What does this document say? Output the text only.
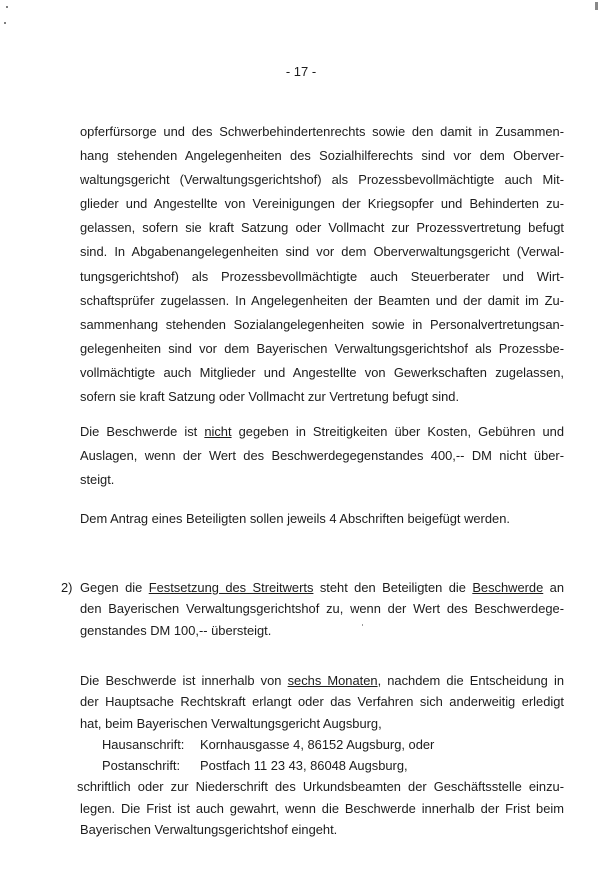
- 17 -
opferfürsorge und des Schwerbehindertenrechts sowie den damit in Zusammen-
hang stehenden Angelegenheiten des Sozialhilferechts sind vor dem Oberver-
waltungsgericht (Verwaltungsgerichtshof) als Prozessbevollmächtigte auch Mit-
glieder und Angestellte von Vereinigungen der Kriegsopfer und Behinderten zu-
gelassen, sofern sie kraft Satzung oder Vollmacht zur Prozessvertretung befugt
sind. In Abgabenangelegenheiten sind vor dem Oberverwaltungsgericht (Verwal-
tungsgerichtshof) als Prozessbevollmächtigte auch Steuerberater und Wirt-
schaftsprüfer zugelassen. In Angelegenheiten der Beamten und der damit im Zu-
sammenhang stehenden Sozialangelegenheiten sowie in Personalvertretungsan-
gelegenheiten sind vor dem Bayerischen Verwaltungsgerichtshof als Prozessbe-
vollmächtigte auch Mitglieder und Angestellte von Gewerkschaften zugelassen,
sofern sie kraft Satzung oder Vollmacht zur Vertretung befugt sind.
Die Beschwerde ist nicht gegeben in Streitigkeiten über Kosten, Gebühren und
Auslagen, wenn der Wert des Beschwerdegegenstandes 400,-- DM nicht über-
steigt.
Dem Antrag eines Beteiligten sollen jeweils 4 Abschriften beigefügt werden.
2) Gegen die Festsetzung des Streitwerts steht den Beteiligten die Beschwerde an
den Bayerischen Verwaltungsgerichtshof zu, wenn der Wert des Beschwerdege-
genstandes DM 100,-- übersteigt.
Die Beschwerde ist innerhalb von sechs Monaten, nachdem die Entscheidung in
der Hauptsache Rechtskraft erlangt oder das Verfahren sich anderweitig erledigt
hat, beim Bayerischen Verwaltungsgericht Augsburg,
Hausanschrift: Kornhausgasse 4, 86152 Augsburg, oder
Postanschrift: Postfach 11 23 43, 86048 Augsburg,
schriftlich oder zur Niederschrift des Urkundsbeamten der Geschäftsstelle einzu-
legen. Die Frist ist auch gewahrt, wenn die Beschwerde innerhalb der Frist beim
Bayerischen Verwaltungsgerichtshof eingeht.
